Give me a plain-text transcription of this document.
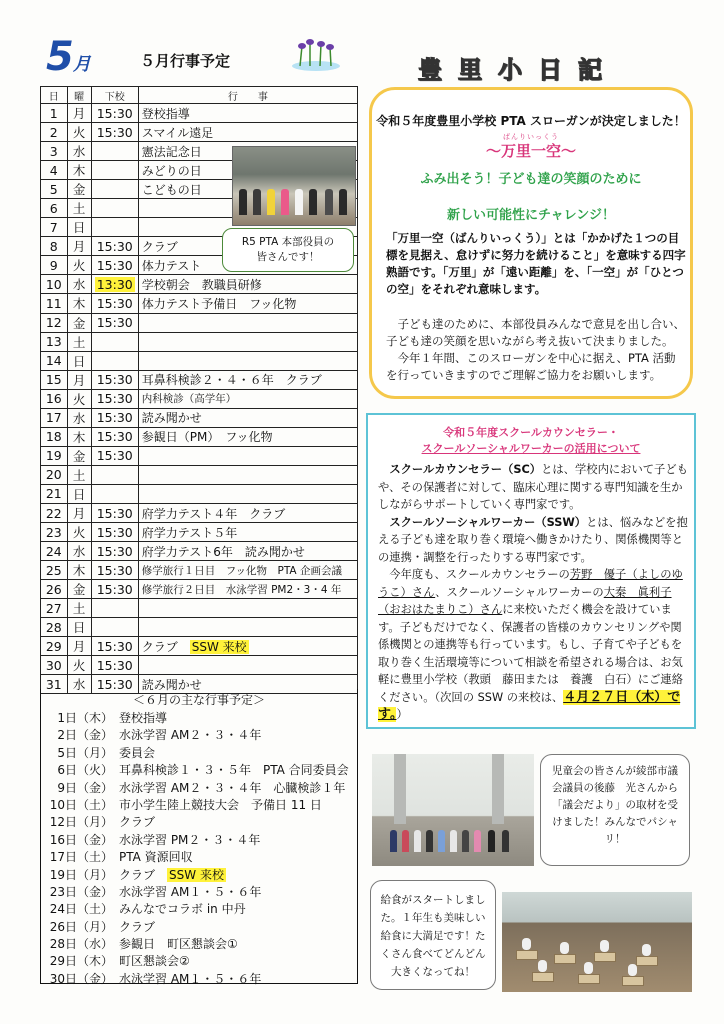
5月	５月行事予定	豊里小日記
日	曜	下校	行　　事
1	月	15:30	登校指導
2	火	15:30	スマイル遠足
3	水		憲法記念日
4	木		みどりの日
5	金		こどもの日
6	土		
7	日		
8	月	15:30	クラブ
9	火	15:30	体力テスト
10	水	13:30	学校朝会　教職員研修
11	木	15:30	体力テスト予備日　フッ化物
12	金	15:30	
13	土		
14	日		
15	月	15:30	耳鼻科検診２・４・６年　クラブ
16	火	15:30	内科検診（高学年）
17	水	15:30	読み聞かせ
18	木	15:30	参観日（PM）　フッ化物
19	金	15:30	
20	土		
21	日		
22	月	15:30	府学力テスト４年　クラブ
23	火	15:30	府学力テスト５年
24	水	15:30	府学力テスト6年　読み聞かせ
25	木	15:30	修学旅行１日目　フッ化物　PTA 企画会議
26	金	15:30	修学旅行２日目　水泳学習 PM2・3・4 年
27	土		
28	日		
29	月	15:30	クラブ　 SSW 来校
30	火	15:30	
31	水	15:30	読み聞かせ
R5 PTA 本部役員の
皆さんです！
＜６月の主な行事予定＞
1日（木） 登校指導
2日（金） 水泳学習 AM２・３・４年
5日（月） 委員会
6日（火） 耳鼻科検診１・３・５年　PTA 合同委員会
9日（金） 水泳学習 AM２・３・４年　心臓検診１年
10日（土） 市小学生陸上競技大会　予備日 11 日
12日（月） クラブ
16日（金） 水泳学習 PM２・３・４年
17日（土） PTA 資源回収
19日（月） クラブ　 SSW 来校
23日（金） 水泳学習 AM１・５・６年
24日（土） みんなでコラボ in 中丹
26日（月） クラブ
28日（水） 参観日　町区懇談会①
29日（木） 町区懇談会②
30日（金） 水泳学習 AM１・５・６年
令和５年度豊里小学校 PTA スローガンが決定しました！
ばんりいっくう
〜万里一空〜
ふみ出そう！子ども達の笑顔のために
新しい可能性にチャレンジ！
「万里一空（ばんりいっくう）」とは「かかげた１つの目標を見据え、怠けずに努力を続けること」を意味する四字熟語です。「万里」が「遠い距離」を、「一空」が「ひとつの空」をそれぞれ意味します。
　子ども達のために、本部役員みんなで意見を出し合い、子ども達の笑顔を思いながら考え抜いて決まりました。
　今年１年間、このスローガンを中心に据え、PTA 活動を行っていきますのでご理解ご協力をお願いします。
令和５年度スクールカウンセラー・
スクールソーシャルワーカーの活用について
　スクールカウンセラー（SC）とは、学校内において子どもや、その保護者に対して、臨床心理に関する専門知識を生かしながらサポートしていく専門家です。
　スクールソーシャルワーカー（SSW）とは、悩みなどを抱える子ども達を取り巻く環境へ働きかけたり、関係機関等との連携・調整を行ったりする専門家です。
　今年度も、スクールカウンセラーの芳野　優子（よしのゆうこ）さん、スクールソーシャルワーカーの大秦　眞利子（おおはたまりこ）さんに来校いただく機会を設けています。子どもだけでなく、保護者の皆様のカウンセリングや関係機関との連携等も行っています。もし、子育てや子どもを取り巻く生活環境等について相談を希望される場合は、お気軽に豊里小学校（教頭　藤田または　養護　白石）にご連絡ください。（次回の SSW の来校は、４月２７日（木）です。）
児童会の皆さんが綾部市議会議員の後藤　光さんから「議会だより」の取材を受けました！みんなでパシャリ！
給食がスタートしました。１年生も美味しい給食に大満足です！たくさん食べてどんどん大きくなってね！
